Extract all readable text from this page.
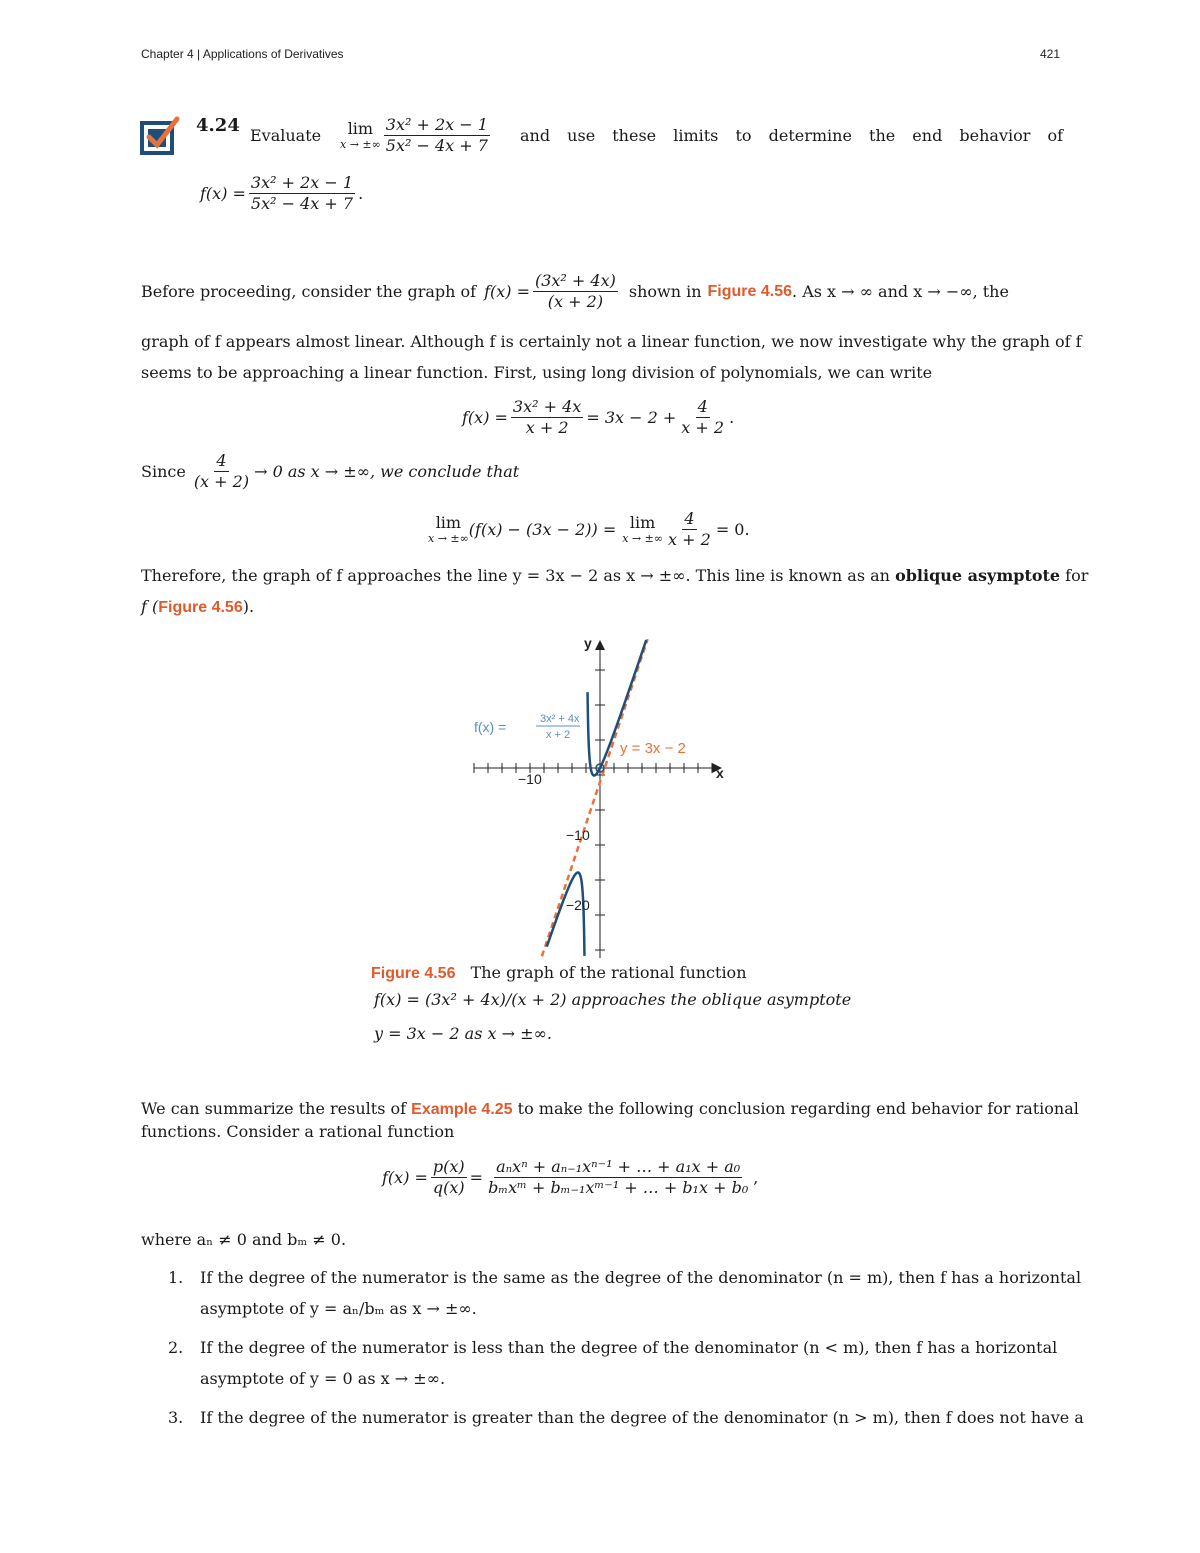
Chapter 4 | Applications of Derivatives	421
4.24 Evaluate lim
x → ±∞ $\frac{\text{3x² + 2x − 1}}{\text{5x² − 4x + 7}}$ and use these limits to determine the end behavior of
$f(x) = \frac{\text{3x² + 2x − 1}}{\text{5x² − 4x + 7}}$ .
Before proceeding, consider the graph of $f(x) = \frac{\text{(3x² + 4x)}}{(x + 2)}$ shown in Figure 4.56 . As x → ∞ and x → −∞, the
graph of f appears almost linear. Although f is certainly not a linear function, we now investigate why the graph of f
seems to be approaching a linear function. First, using long division of polynomials, we can write
$f(x) = \frac{\text{3x² + 4x}}{x + 2} = 3x - 2 + \frac{4}{x + 2}$ .
Since $\frac{4}{(x + 2)} \to 0$ as x → ±∞, we conclude that
lim
x → ±∞ (f(x) − (3x − 2)) = lim
x → ±∞ $\frac{4}{x + 2} = 0$.
Therefore, the graph of f approaches the line y = 3x − 2 as x → ±∞. This line is known as an oblique asymptote for
f (Figure 4.56).
y
x
−10
−10
−20
f(x) =	3x² + 4x
x + 2
y = 3x − 2
Figure 4.56 The graph of the rational function
f(x) = (3x² + 4x)/(x + 2) approaches the oblique asymptote
y = 3x − 2 as x → ±∞.
We can summarize the results of Example 4.25 to make the following conclusion regarding end behavior for rational
functions. Consider a rational function
$f(x) = \frac{p(x)}{q(x)} = \frac{\text{aₙxⁿ + aₙ₋₁xⁿ⁻¹ + … + a₁x + a₀}}{\text{bₘxᵐ + bₘ₋₁xᵐ⁻¹ + … + b₁x + b₀}}$ ,
where aₙ ≠ 0 and bₘ ≠ 0.
1. If the degree of the numerator is the same as the degree of the denominator (n = m), then f has a horizontal
asymptote of y = aₙ/bₘ as x → ±∞.
2. If the degree of the numerator is less than the degree of the denominator (n < m), then f has a horizontal
asymptote of y = 0 as x → ±∞.
3. If the degree of the numerator is greater than the degree of the denominator (n > m), then f does not have a
